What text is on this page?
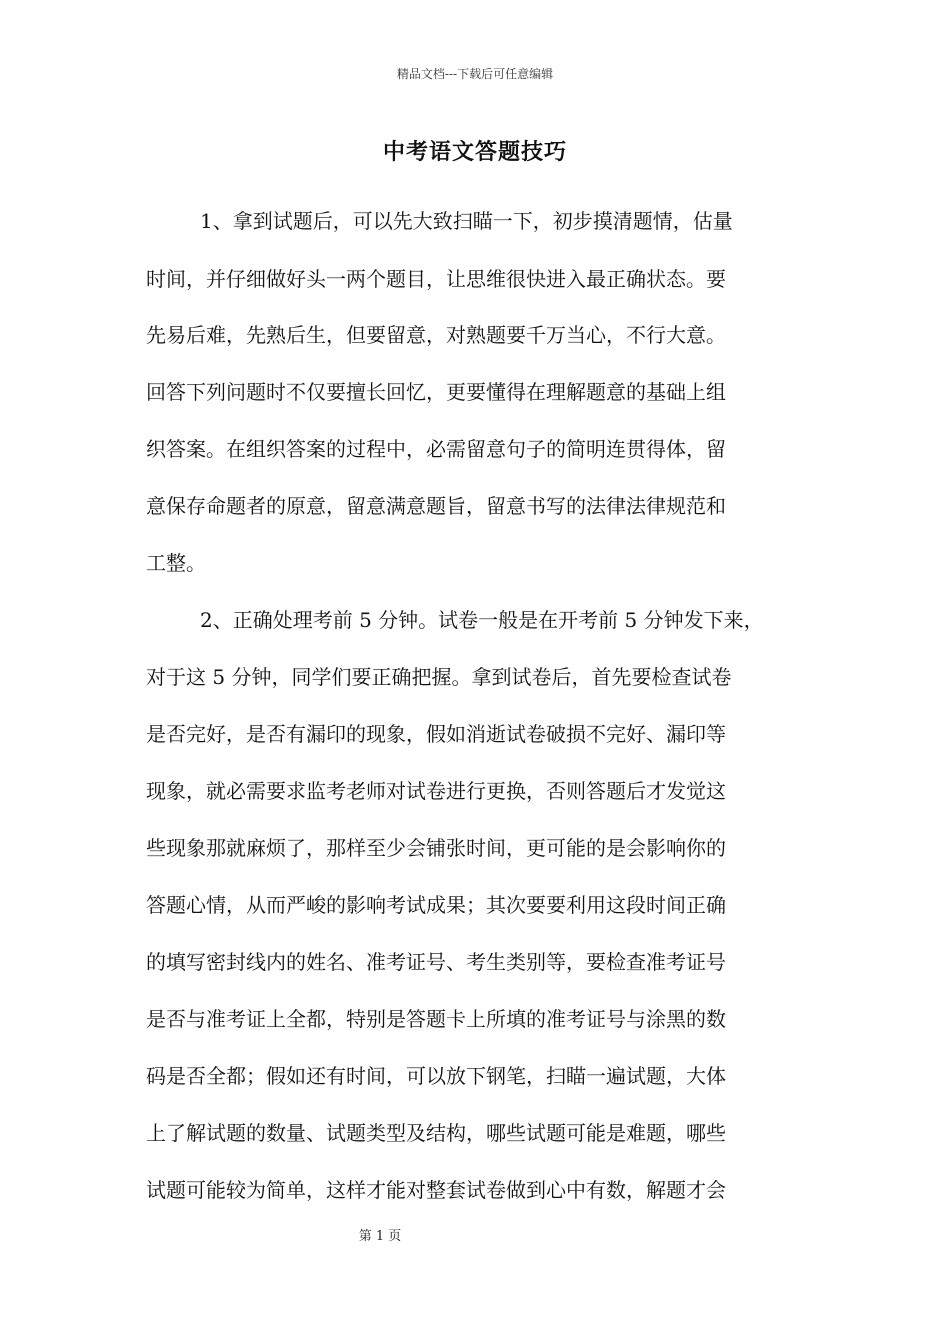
精品文档---下载后可任意编辑
中考语文答题技巧
1、拿到试题后，可以先大致扫瞄一下，初步摸清题情，估量
时间，并仔细做好头一两个题目，让思维很快进入最正确状态。要
先易后难，先熟后生，但要留意，对熟题要千万当心，不行大意。
回答下列问题时不仅要擅长回忆，更要懂得在理解题意的基础上组
织答案。在组织答案的过程中，必需留意句子的简明连贯得体，留
意保存命题者的原意，留意满意题旨，留意书写的法律法律规范和
工整。
2、正确处理考前 5 分钟。试卷一般是在开考前 5 分钟发下来，
对于这 5 分钟，同学们要正确把握。拿到试卷后，首先要检查试卷
是否完好，是否有漏印的现象，假如消逝试卷破损不完好、漏印等
现象，就必需要求监考老师对试卷进行更换，否则答题后才发觉这
些现象那就麻烦了，那样至少会铺张时间，更可能的是会影响你的
答题心情，从而严峻的影响考试成果；其次要要利用这段时间正确
的填写密封线内的姓名、准考证号、考生类别等，要检查准考证号
是否与准考证上全都，特别是答题卡上所填的准考证号与涂黑的数
码是否全都；假如还有时间，可以放下钢笔，扫瞄一遍试题，大体
上了解试题的数量、试题类型及结构，哪些试题可能是难题，哪些
试题可能较为简单，这样才能对整套试卷做到心中有数，解题才会
第 1 页
